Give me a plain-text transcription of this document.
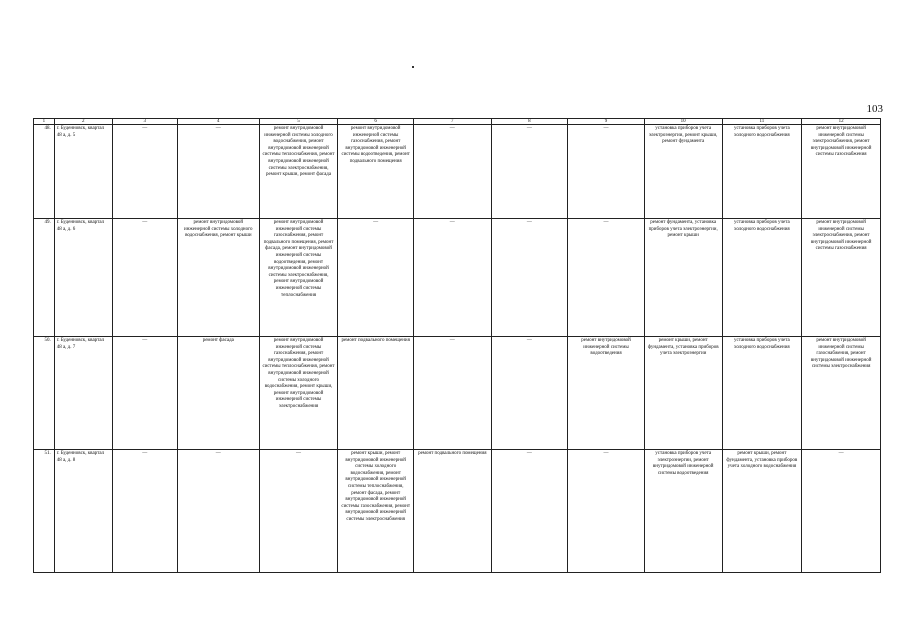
103
1	2	3	4	5	6	7	8	9	10	11	12
48.	г. Буденновск, квартал 48 а, д. 5	—	—	ремонт внутридомовой инженерной системы холодного водоснабжения, ремонт внутридомовой инженерной системы теплоснабжения, ремонт внутридомовой инженерной системы электроснабжения, ремонт крыши, ремонт фасада	ремонт внутридомовой инженерной системы газоснабжения, ремонт внутридомовой инженерной системы водоотведения, ремонт подвального помещения	—	—	—	установка приборов учета электроэнергии, ремонт крыши, ремонт фундамента	установка приборов учета холодного водоснабжения	ремонт внутридомовой инженерной системы электроснабжения, ремонт внутридомовой инженерной системы газоснабжения
49.	г. Буденновск, квартал 48 а, д. 6	—	ремонт внутридомовой инженерной системы холодного водоснабжения, ремонт крыши	ремонт внутридомовой инженерной системы газоснабжения, ремонт подвального помещения, ремонт фасада, ремонт внутридомовой инженерной системы водоотведения, ремонт внутридомовой инженерной системы электроснабжения, ремонт внутридомовой инженерной системы теплоснабжения	—	—	—	—	ремонт фундамента, установка приборов учета электроэнергии, ремонт крыши	установка приборов учета холодного водоснабжения	ремонт внутридомовой инженерной системы электроснабжения, ремонт внутридомовой инженерной системы газоснабжения
50.	г. Буденновск, квартал 48 а, д. 7	—	ремонт фасада	ремонт внутридомовой инженерной системы газоснабжения, ремонт внутридомовой инженерной системы теплоснабжения, ремонт внутридомовой инженерной системы холодного водоснабжения, ремонт крыши, ремонт внутридомовой инженерной системы электроснабжения	ремонт подвального помещения	—	—	ремонт внутридомовой инженерной системы водоотведения	ремонт крыши, ремонт фундамента, установка приборов учета электроэнергии	установка приборов учета холодного водоснабжения	ремонт внутридомовой инженерной системы газоснабжения, ремонт внутридомовой инженерной системы электроснабжения
51.	г. Буденновск, квартал 48 а, д. 8	—	—	—	ремонт крыши, ремонт внутридомовой инженерной системы холодного водоснабжения, ремонт внутридомовой инженерной системы теплоснабжения, ремонт фасада, ремонт внутридомовой инженерной системы газоснабжения, ремонт внутридомовой инженерной системы электроснабжения	ремонт подвального помещения	—	—	установка приборов учета электроэнергии, ремонт внутридомовой инженерной системы водоотведения	ремонт крыши, ремонт фундамента, установка приборов учета холодного водоснабжения	—
